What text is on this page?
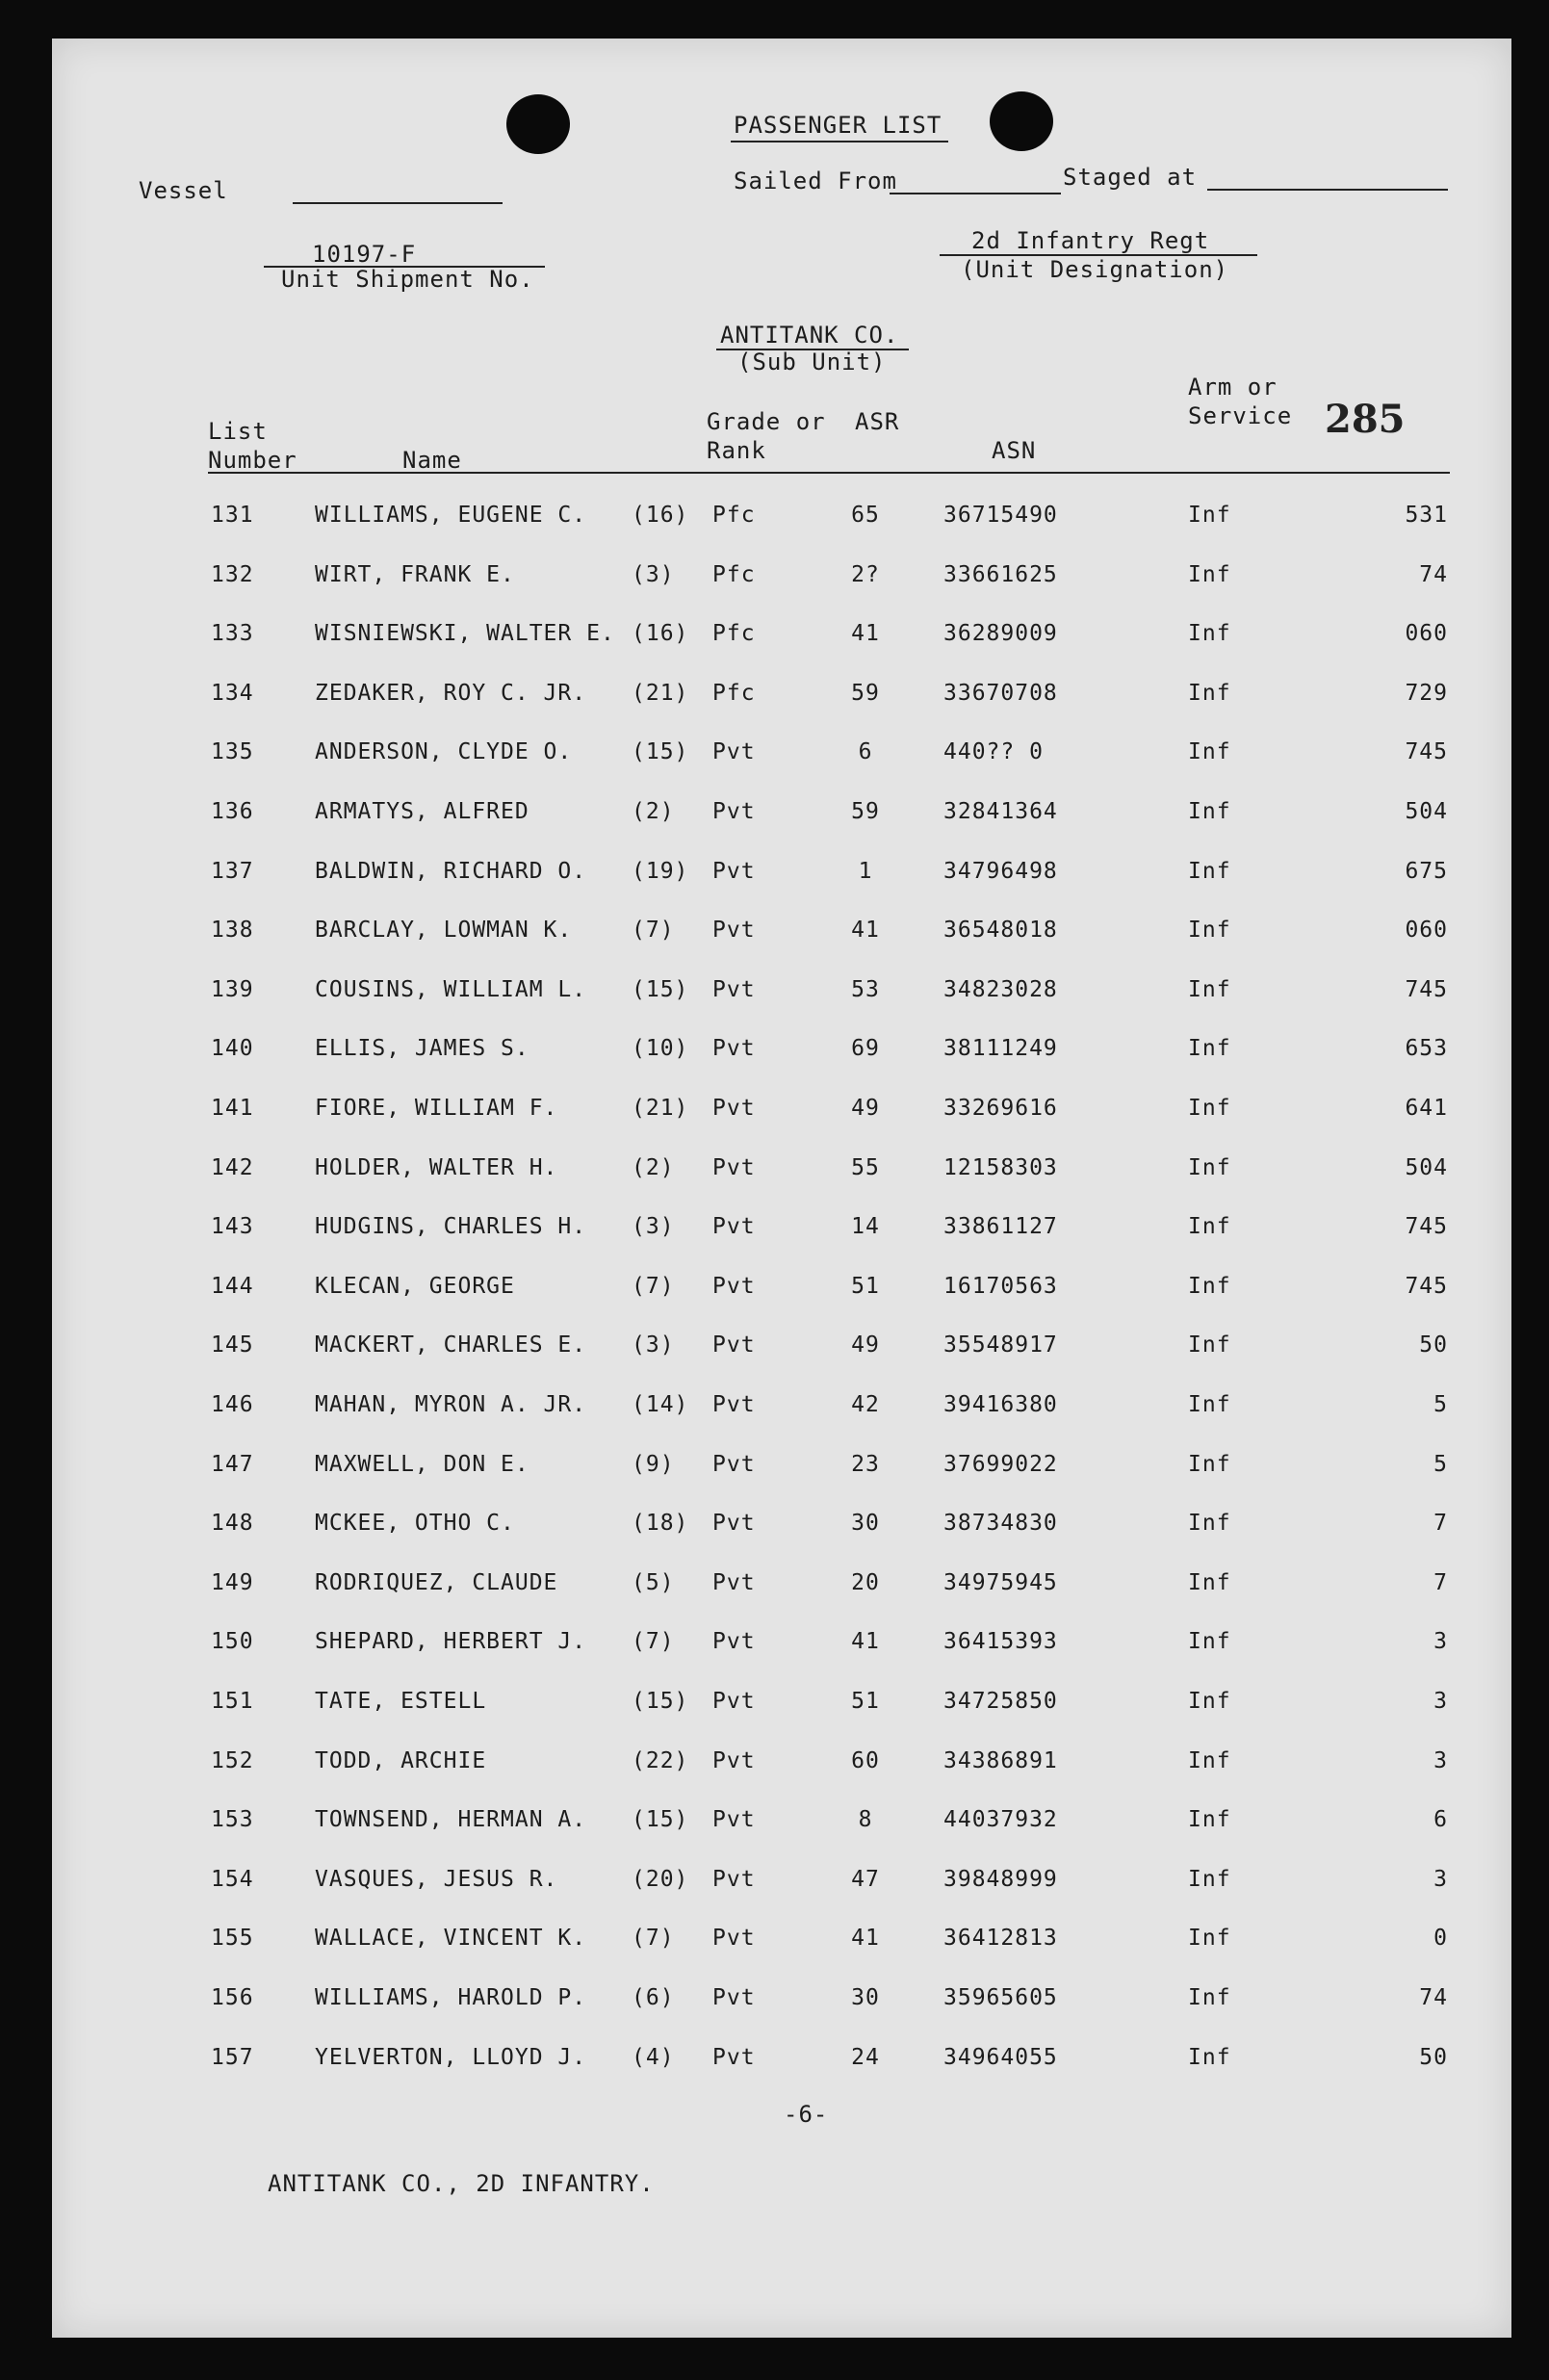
PASSENGER LIST
Vessel	Sailed From	Staged at
10197-F
Unit Shipment No.
2d Infantry Regt
(Unit Designation)
ANTITANK CO.
(Sub Unit)
285
List
Number	Name
Grade or
Rank
ASR
ASN
Arm or
Service
131	WILLIAMS, EUGENE C. (16) Pfc	65	36715490	Inf	531
132	WIRT, FRANK E.	(3) Pfc	2?	33661625	Inf	74
133	WISNIEWSKI, WALTER E. (16) Pfc	41	36289009	Inf	060
134	ZEDAKER, ROY C. JR. (21) Pfc	59	33670708	Inf	729
135	ANDERSON, CLYDE O.	(15) Pvt	6	440?? 0	Inf	745
136	ARMATYS, ALFRED	(2) Pvt	59	32841364	Inf	504
137	BALDWIN, RICHARD O. (19) Pvt	1	34796498	Inf	675
138	BARCLAY, LOWMAN K.	(7) Pvt	41	36548018	Inf	060
139	COUSINS, WILLIAM L. (15) Pvt	53	34823028	Inf	745
140	ELLIS, JAMES S.	(10) Pvt	69	38111249	Inf	653
141	FIORE, WILLIAM F.	(21) Pvt	49	33269616	Inf	641
142	HOLDER, WALTER H.	(2) Pvt	55	12158303	Inf	504
143	HUDGINS, CHARLES H. (3) Pvt	14	33861127	Inf	745
144	KLECAN, GEORGE	(7) Pvt	51	16170563	Inf	745
145	MACKERT, CHARLES E. (3) Pvt	49	35548917	Inf	50
146	MAHAN, MYRON A. JR. (14) Pvt	42	39416380	Inf	5
147	MAXWELL, DON E.	(9) Pvt	23	37699022	Inf	5
148	MCKEE, OTHO C.	(18) Pvt	30	38734830	Inf	7
149	RODRIQUEZ, CLAUDE	(5) Pvt	20	34975945	Inf	7
150	SHEPARD, HERBERT J. (7) Pvt	41	36415393	Inf	3
151	TATE, ESTELL	(15) Pvt	51	34725850	Inf	3
152	TODD, ARCHIE	(22) Pvt	60	34386891	Inf	3
153	TOWNSEND, HERMAN A. (15) Pvt	8	44037932	Inf	6
154	VASQUES, JESUS R.	(20) Pvt	47	39848999	Inf	3
155	WALLACE, VINCENT K. (7) Pvt	41	36412813	Inf	0
156	WILLIAMS, HAROLD P. (6) Pvt	30	35965605	Inf	74
157	YELVERTON, LLOYD J. (4) Pvt	24	34964055	Inf	50
-6-
ANTITANK CO., 2D INFANTRY.
